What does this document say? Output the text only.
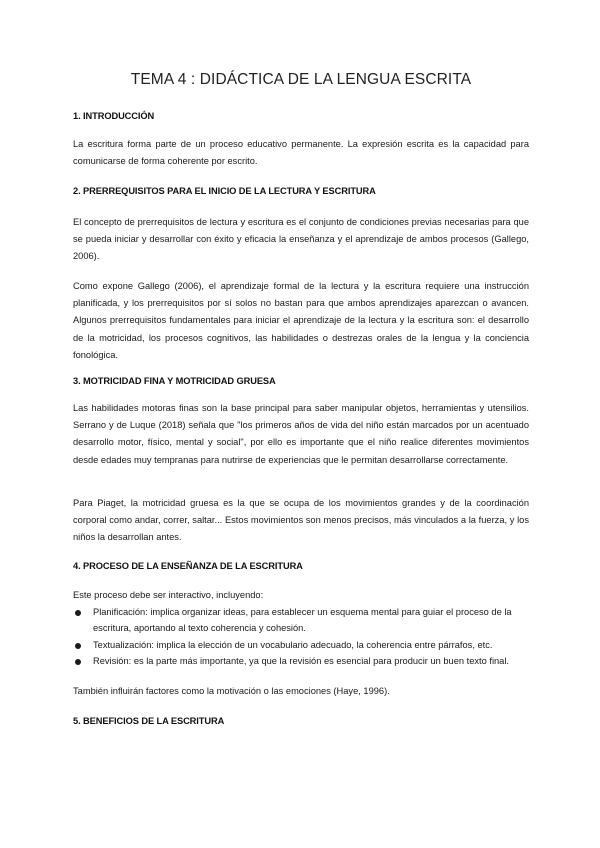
TEMA 4 : DIDÁCTICA DE LA LENGUA ESCRITA
1. INTRODUCCIÓN

La escritura forma parte de un proceso educativo permanente. La expresión escrita es la capacidad para comunicarse de forma coherente por escrito.

2. PRERREQUISITOS PARA EL INICIO DE LA LECTURA Y ESCRITURA

El concepto de prerrequisitos de lectura y escritura es el conjunto de condiciones previas necesarias para que se pueda iniciar y desarrollar con éxito y eficacia la enseñanza y el aprendizaje de ambos procesos (Gallego, 2006).

Como expone Gallego (2006), el aprendizaje formal de la lectura y la escritura requiere una instrucción planificada, y los prerrequisitos por sí solos no bastan para que ambos aprendizajes aparezcan o avancen. Algunos prerrequisitos fundamentales para iniciar el aprendizaje de la lectura y la escritura son: el desarrollo de la motricidad, los procesos cognitivos, las habilidades o destrezas orales de la lengua y la conciencia fonológica.

3. MOTRICIDAD FINA Y MOTRICIDAD GRUESA

Las habilidades motoras finas son la base principal para saber manipular objetos, herramientas y utensilios. Serrano y de Luque (2018) señala que "los primeros años de vida del niño están marcados por un acentuado desarrollo motor, físico, mental y social", por ello es importante que el niño realice diferentes movimientos desde edades muy tempranas para nutrirse de experiencias que le permitan desarrollarse correctamente.

Para Piaget, la motricidad gruesa es la que se ocupa de los movimientos grandes y de la coordinación corporal como andar, correr, saltar... Estos movimientos son menos precisos, más vinculados a la fuerza, y los niños la desarrollan antes.

4. PROCESO DE LA ENSEÑANZA DE LA ESCRITURA

Este proceso debe ser interactivo, incluyendo:

Planificación: implica organizar ideas, para establecer un esquema mental para guiar el proceso de la escritura, aportando al texto coherencia y cohesión.
Textualización: implica la elección de un vocabulario adecuado, la coherencia entre párrafos, etc.
Revisión: es la parte más importante, ya que la revisión es esencial para producir un buen texto final.

También influirán factores como la motivación o las emociones (Haye, 1996).

5. BENEFICIOS DE LA ESCRITURA
